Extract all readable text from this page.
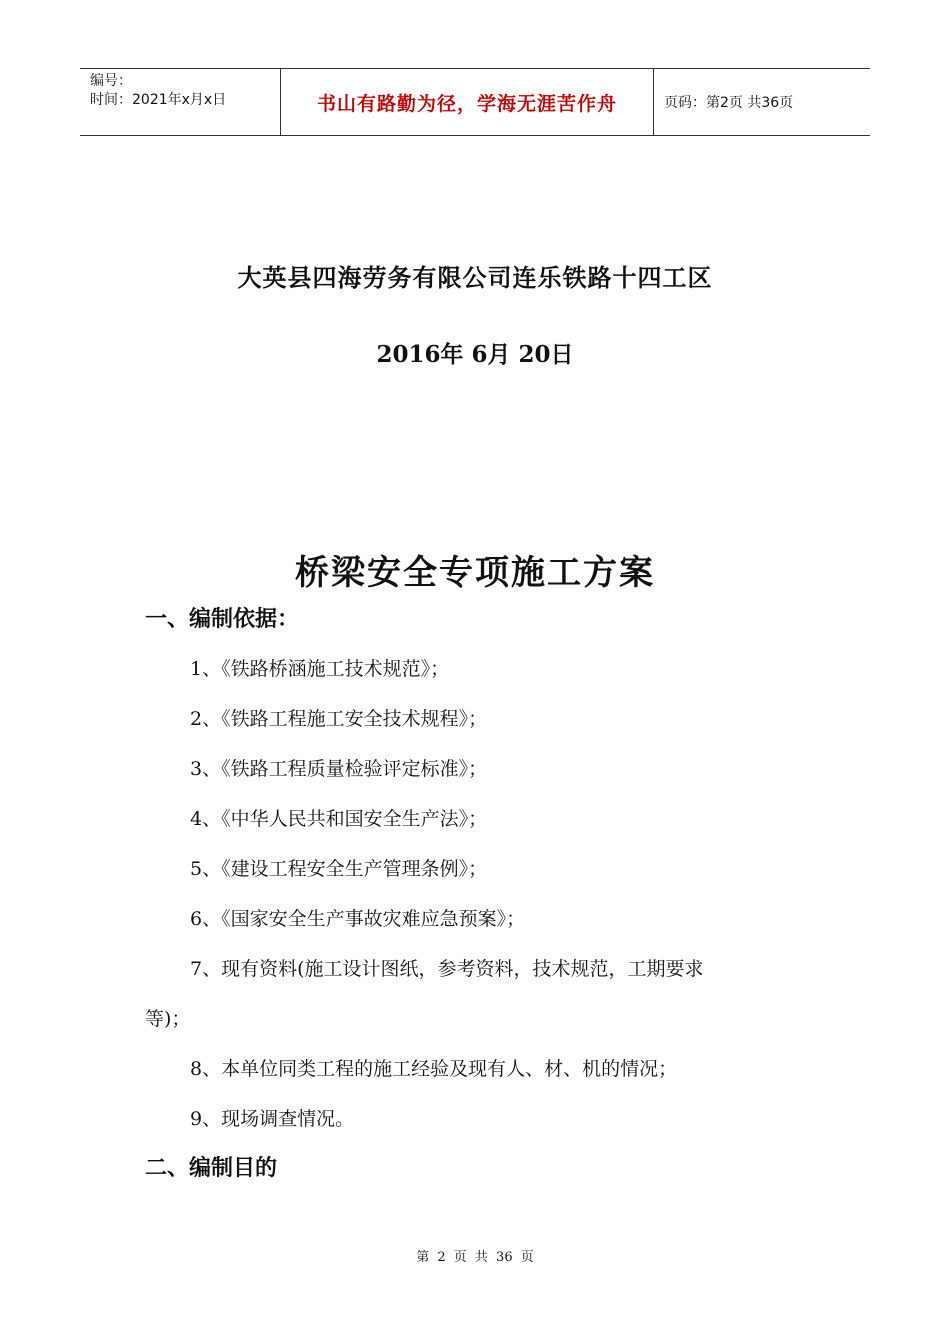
编号：
时间：2021年x月x日	书山有路勤为径，学海无涯苦作舟	页码：第2页 共36页
大英县四海劳务有限公司连乐铁路十四工区
2016年 6月 20日
桥梁安全专项施工方案
一、编制依据：
1、《铁路桥涵施工技术规范》；
2、《铁路工程施工安全技术规程》；
3、《铁路工程质量检验评定标准》；
4、《中华人民共和国安全生产法》；
5、《建设工程安全生产管理条例》；
6、《国家安全生产事故灾难应急预案》；
7、现有资料(施工设计图纸，参考资料，技术规范，工期要求
等)；
8、本单位同类工程的施工经验及现有人、材、机的情况；
9、现场调查情况。
二、编制目的
第 2 页 共 36 页
